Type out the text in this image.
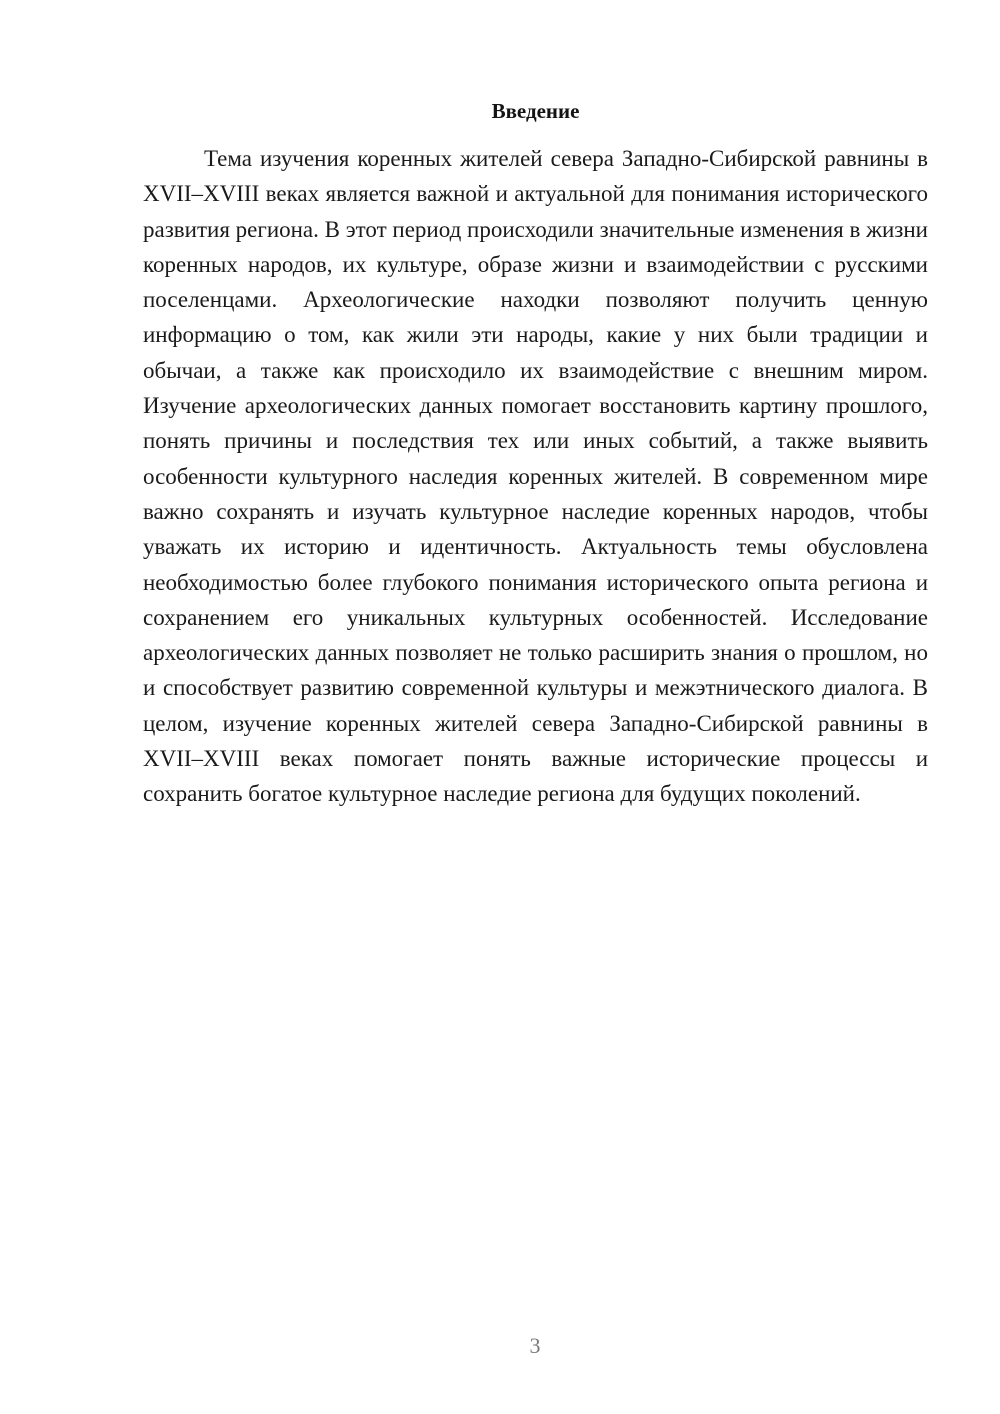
Введение

Тема изучения коренных жителей севера Западно-Сибирской равнины в XVII–XVIII веках является важной и актуальной для понимания исторического развития региона. В этот период происходили значительные изменения в жизни коренных народов, их культуре, образе жизни и взаимодействии с русскими поселенцами. Археологические находки позволяют получить ценную информацию о том, как жили эти народы, какие у них были традиции и обычаи, а также как происходило их взаимодействие с внешним миром. Изучение археологических данных помогает восстановить картину прошлого, понять причины и последствия тех или иных событий, а также выявить особенности культурного наследия коренных жителей. В современном мире важно сохранять и изучать культурное наследие коренных народов, чтобы уважать их историю и идентичность. Актуальность темы обусловлена необходимостью более глубокого понимания исторического опыта региона и сохранением его уникальных культурных особенностей. Исследование археологических данных позволяет не только расширить знания о прошлом, но и способствует развитию современной культуры и межэтнического диалога. В целом, изучение коренных жителей севера Западно-Сибирской равнины в XVII–XVIII веках помогает понять важные исторические процессы и сохранить богатое культурное наследие региона для будущих поколений.

3
